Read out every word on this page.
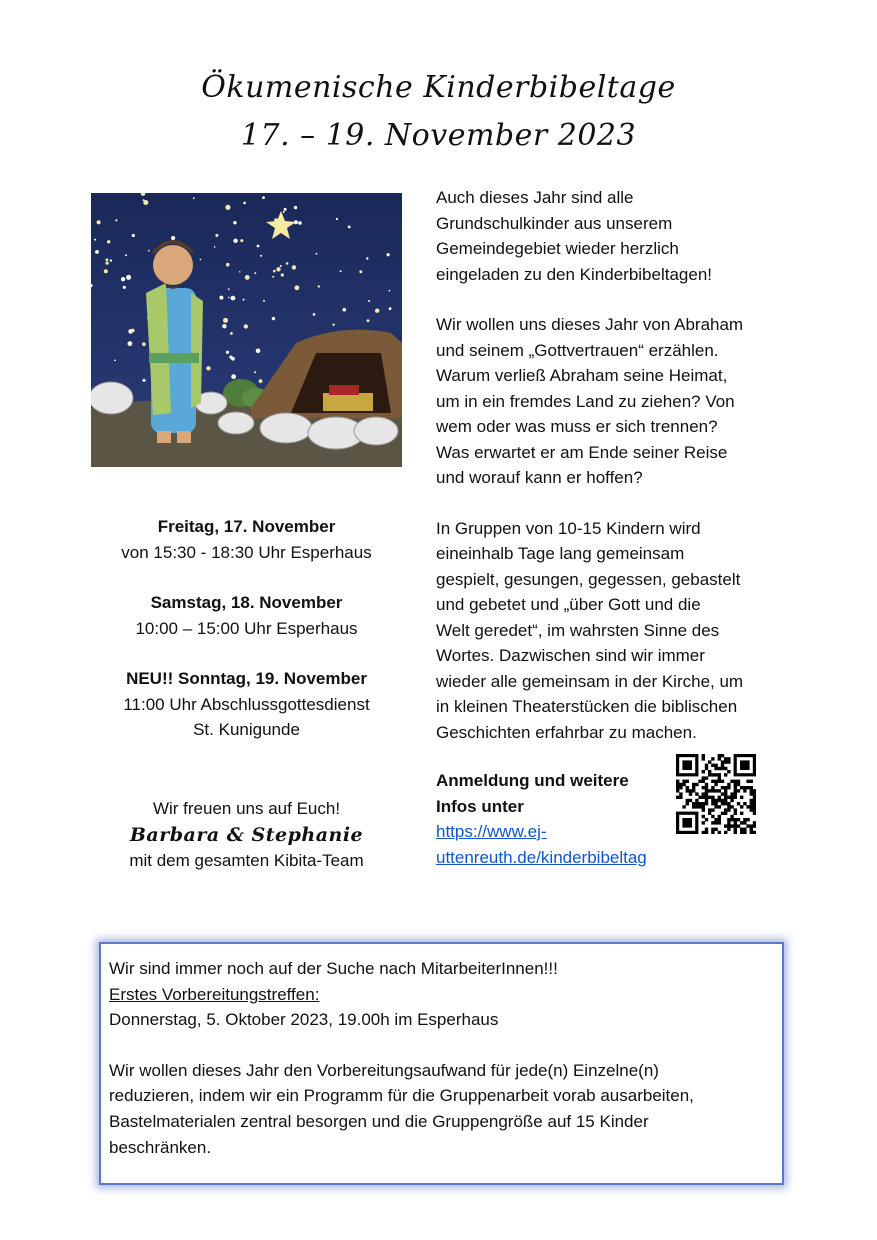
Ökumenische Kinderbibeltage
17. – 19. November 2023

Auch dieses Jahr sind alle
Grundschulkinder aus unserem
Gemeindegebiet wieder herzlich
eingeladen zu den Kinderbibeltagen!

Wir wollen uns dieses Jahr von Abraham
und seinem „Gottvertrauen“ erzählen.
Warum verließ Abraham seine Heimat,
um in ein fremdes Land zu ziehen? Von
wem oder was muss er sich trennen?
Was erwartet er am Ende seiner Reise
und worauf kann er hoffen?

In Gruppen von 10-15 Kindern wird
eineinhalb Tage lang gemeinsam
gespielt, gesungen, gegessen, gebastelt
und gebetet und „über Gott und die
Welt geredet“, im wahrsten Sinne des
Wortes. Dazwischen sind wir immer
wieder alle gemeinsam in der Kirche, um
in kleinen Theaterstücken die biblischen
Geschichten erfahrbar zu machen.

Freitag, 17. November
von 15:30 - 18:30 Uhr Esperhaus
Samstag, 18. November
10:00 – 15:00 Uhr Esperhaus
NEU!! Sonntag, 19. November
11:00 Uhr Abschlussgottesdienst
St. Kunigunde
Wir freuen uns auf Euch!
Barbara & Stephanie
mit dem gesamten Kibita-Team
Anmeldung und weitere
Infos unter
https://www.ej-
uttenreuth.de/kinderbibeltag

Wir sind immer noch auf der Suche nach MitarbeiterInnen!!!

Erstes Vorbereitungstreffen:

Donnerstag, 5. Oktober 2023, 19.00h im Esperhaus

Wir wollen dieses Jahr den Vorbereitungsaufwand für jede(n) Einzelne(n)
reduzieren, indem wir ein Programm für die Gruppenarbeit vorab ausarbeiten,
Bastelmaterialen zentral besorgen und die Gruppengröße auf 15 Kinder
beschränken.
